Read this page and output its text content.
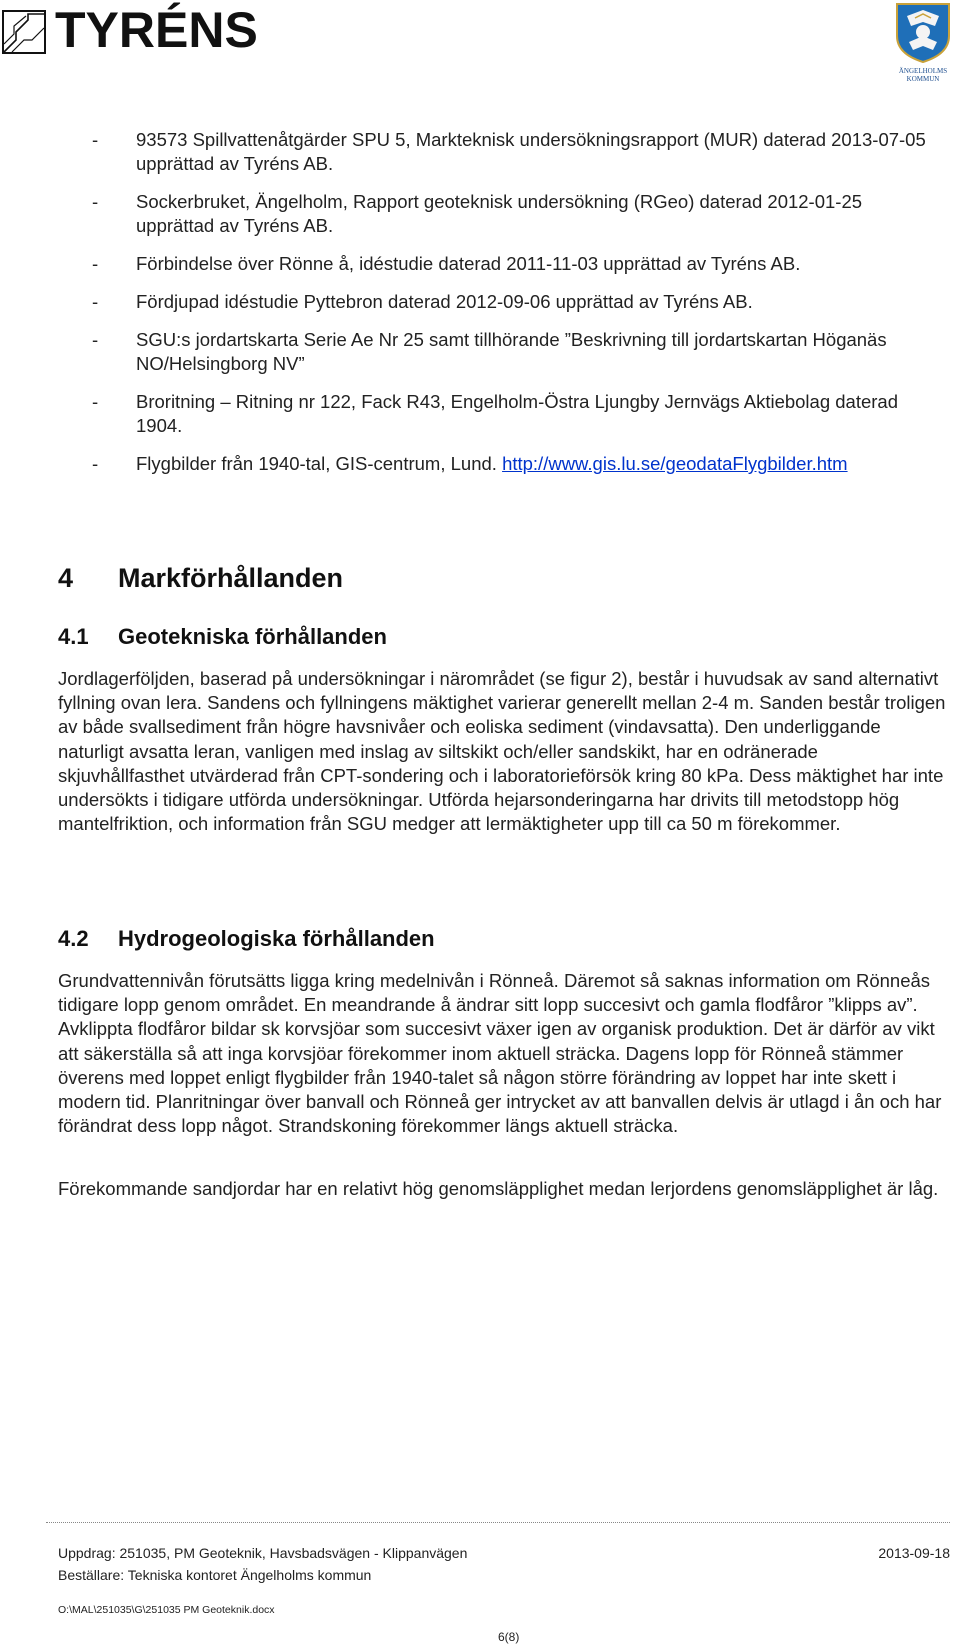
TYRÉNS
ÄNGELHOLMS
KOMMUN
- 93573 Spillvattenåtgärder SPU 5, Markteknisk undersökningsrapport (MUR) daterad 2013-07-05 upprättad av Tyréns AB.
- Sockerbruket, Ängelholm, Rapport geoteknisk undersökning (RGeo) daterad 2012-01-25 upprättad av Tyréns AB.
- Förbindelse över Rönne å, idéstudie daterad 2011-11-03 upprättad av Tyréns AB.
- Fördjupad idéstudie Pyttebron daterad 2012-09-06 upprättad av Tyréns AB.
- SGU:s jordartskarta Serie Ae Nr 25 samt tillhörande ”Beskrivning till jordartskartan Höganäs NO/Helsingborg NV”
- Broritning – Ritning nr 122, Fack R43, Engelholm-Östra Ljungby Jernvägs Aktiebolag daterad 1904.
- Flygbilder från 1940-tal, GIS-centrum, Lund. http://www.gis.lu.se/geodataFlygbilder.htm
4 Markförhållanden
4.1 Geotekniska förhållanden

Jordlagerföljden, baserad på undersökningar i närområdet (se figur 2), består i huvudsak av sand alternativt fyllning ovan lera. Sandens och fyllningens mäktighet varierar generellt mellan 2-4 m. Sanden består troligen av både svallsediment från högre havsnivåer och eoliska sediment (vindavsatta). Den underliggande naturligt avsatta leran, vanligen med inslag av siltskikt och/eller sandskikt, har en odränerade skjuvhållfasthet utvärderad från CPT-sondering och i laboratorieförsök kring 80 kPa. Dess mäktighet har inte undersökts i tidigare utförda undersökningar. Utförda hejarsonderingarna har drivits till metodstopp hög mantelfriktion, och information från SGU medger att lermäktigheter upp till ca 50 m förekommer.

4.2 Hydrogeologiska förhållanden

Grundvattennivån förutsätts ligga kring medelnivån i Rönneå. Däremot så saknas information om Rönneås tidigare lopp genom området. En meandrande å ändrar sitt lopp succesivt och gamla flodfåror ”klipps av”. Avklippta flodfåror bildar sk korvsjöar som succesivt växer igen av organisk produktion. Det är därför av vikt att säkerställa så att inga korvsjöar förekommer inom aktuell sträcka. Dagens lopp för Rönneå stämmer överens med loppet enligt flygbilder från 1940-talet så någon större förändring av loppet har inte skett i modern tid. Planritningar över banvall och Rönneå ger intrycket av att banvallen delvis är utlagd i ån och har förändrat dess lopp något. Strandskoning förekommer längs aktuell sträcka.

Förekommande sandjordar har en relativt hög genomsläpplighet medan lerjordens genomsläpplighet är låg.

Uppdrag: 251035, PM Geoteknik, Havsbadsvägen - Klippanvägen	2013-09-18
Beställare: Tekniska kontoret Ängelholms kommun
O:\MAL\251035\G\251035 PM Geoteknik.docx
6(8)
